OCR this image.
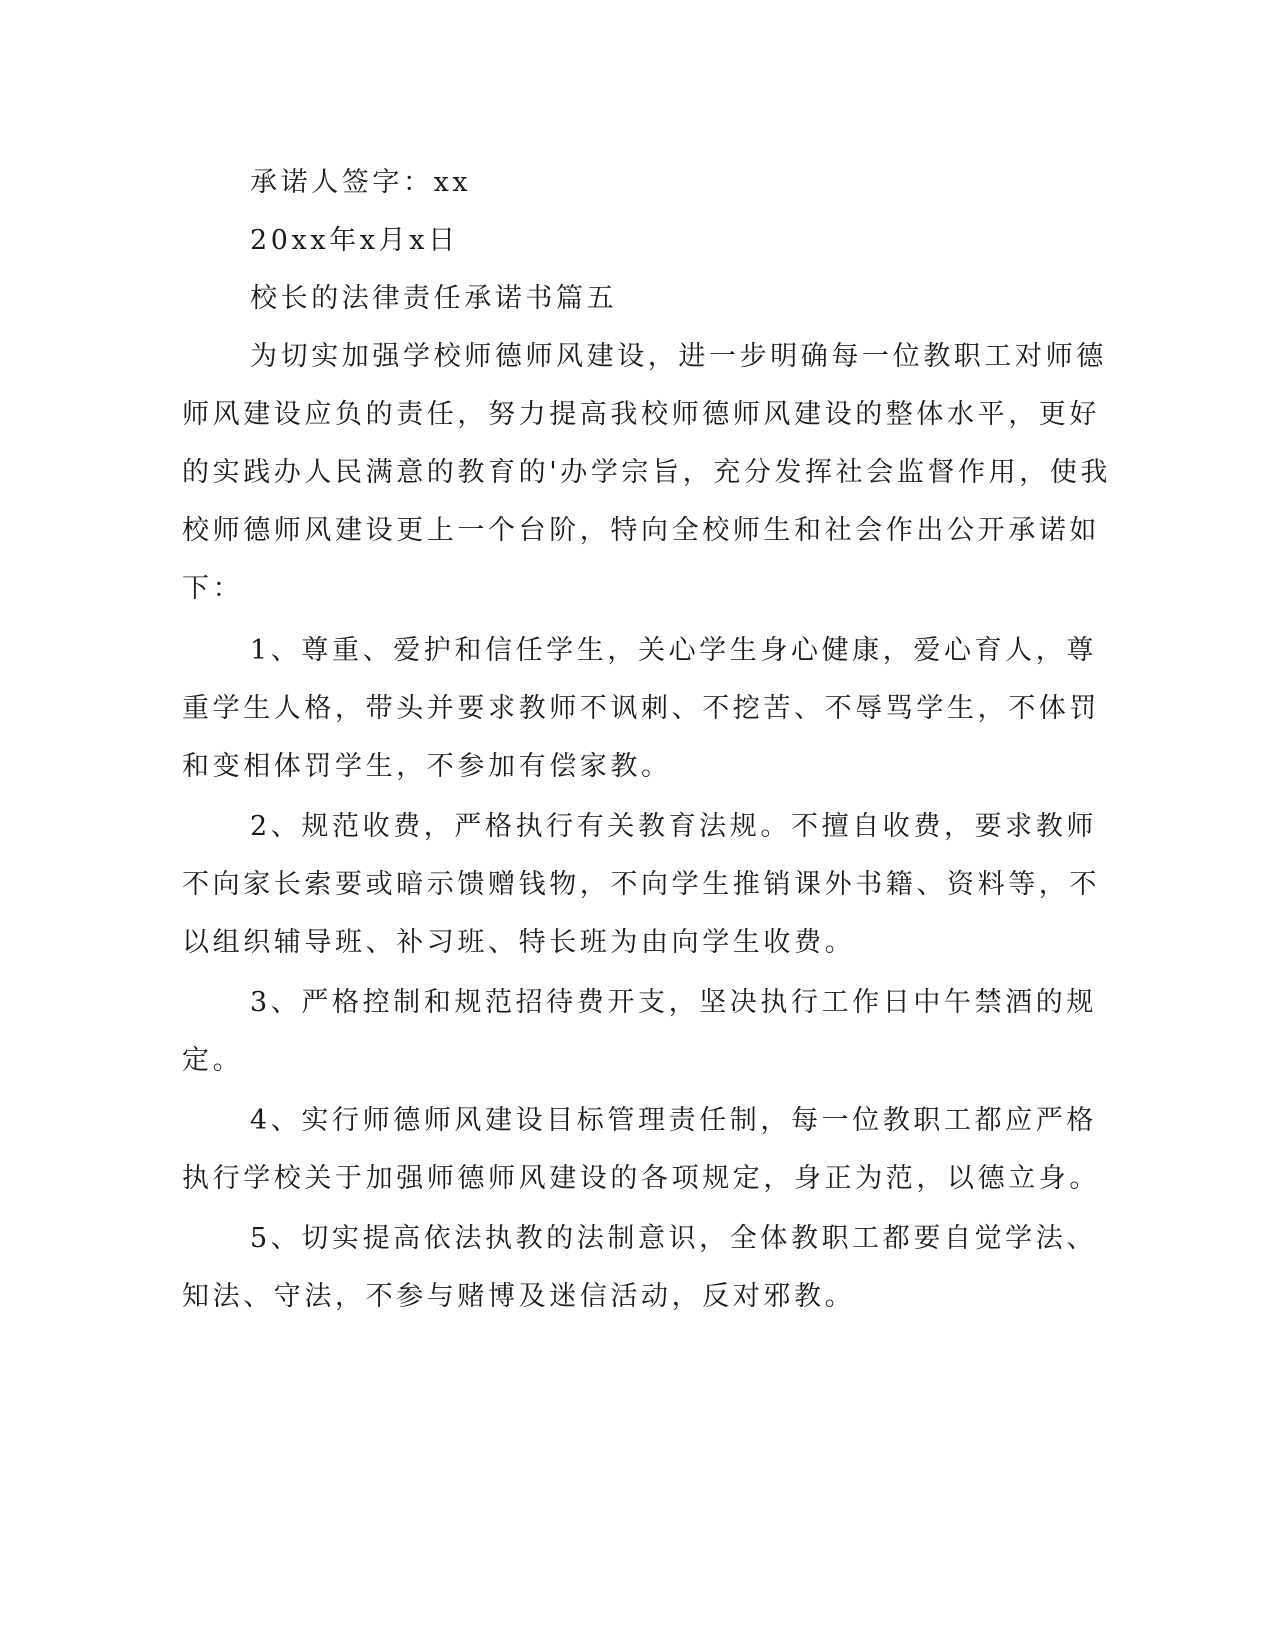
承诺人签字：xx
20xx年x月x日
校长的法律责任承诺书篇五
为切实加强学校师德师风建设，进一步明确每一位教职工对师德
师风建设应负的责任，努力提高我校师德师风建设的整体水平，更好
的实践办人民满意的教育的'办学宗旨，充分发挥社会监督作用，使我
校师德师风建设更上一个台阶，特向全校师生和社会作出公开承诺如
下：
1、尊重、爱护和信任学生，关心学生身心健康，爱心育人，尊
重学生人格，带头并要求教师不讽刺、不挖苦、不辱骂学生，不体罚
和变相体罚学生，不参加有偿家教。
2、规范收费，严格执行有关教育法规。不擅自收费，要求教师
不向家长索要或暗示馈赠钱物，不向学生推销课外书籍、资料等，不
以组织辅导班、补习班、特长班为由向学生收费。
3、严格控制和规范招待费开支，坚决执行工作日中午禁酒的规
定。
4、实行师德师风建设目标管理责任制，每一位教职工都应严格
执行学校关于加强师德师风建设的各项规定，身正为范，以德立身。
5、切实提高依法执教的法制意识，全体教职工都要自觉学法、
知法、守法，不参与赌博及迷信活动，反对邪教。
